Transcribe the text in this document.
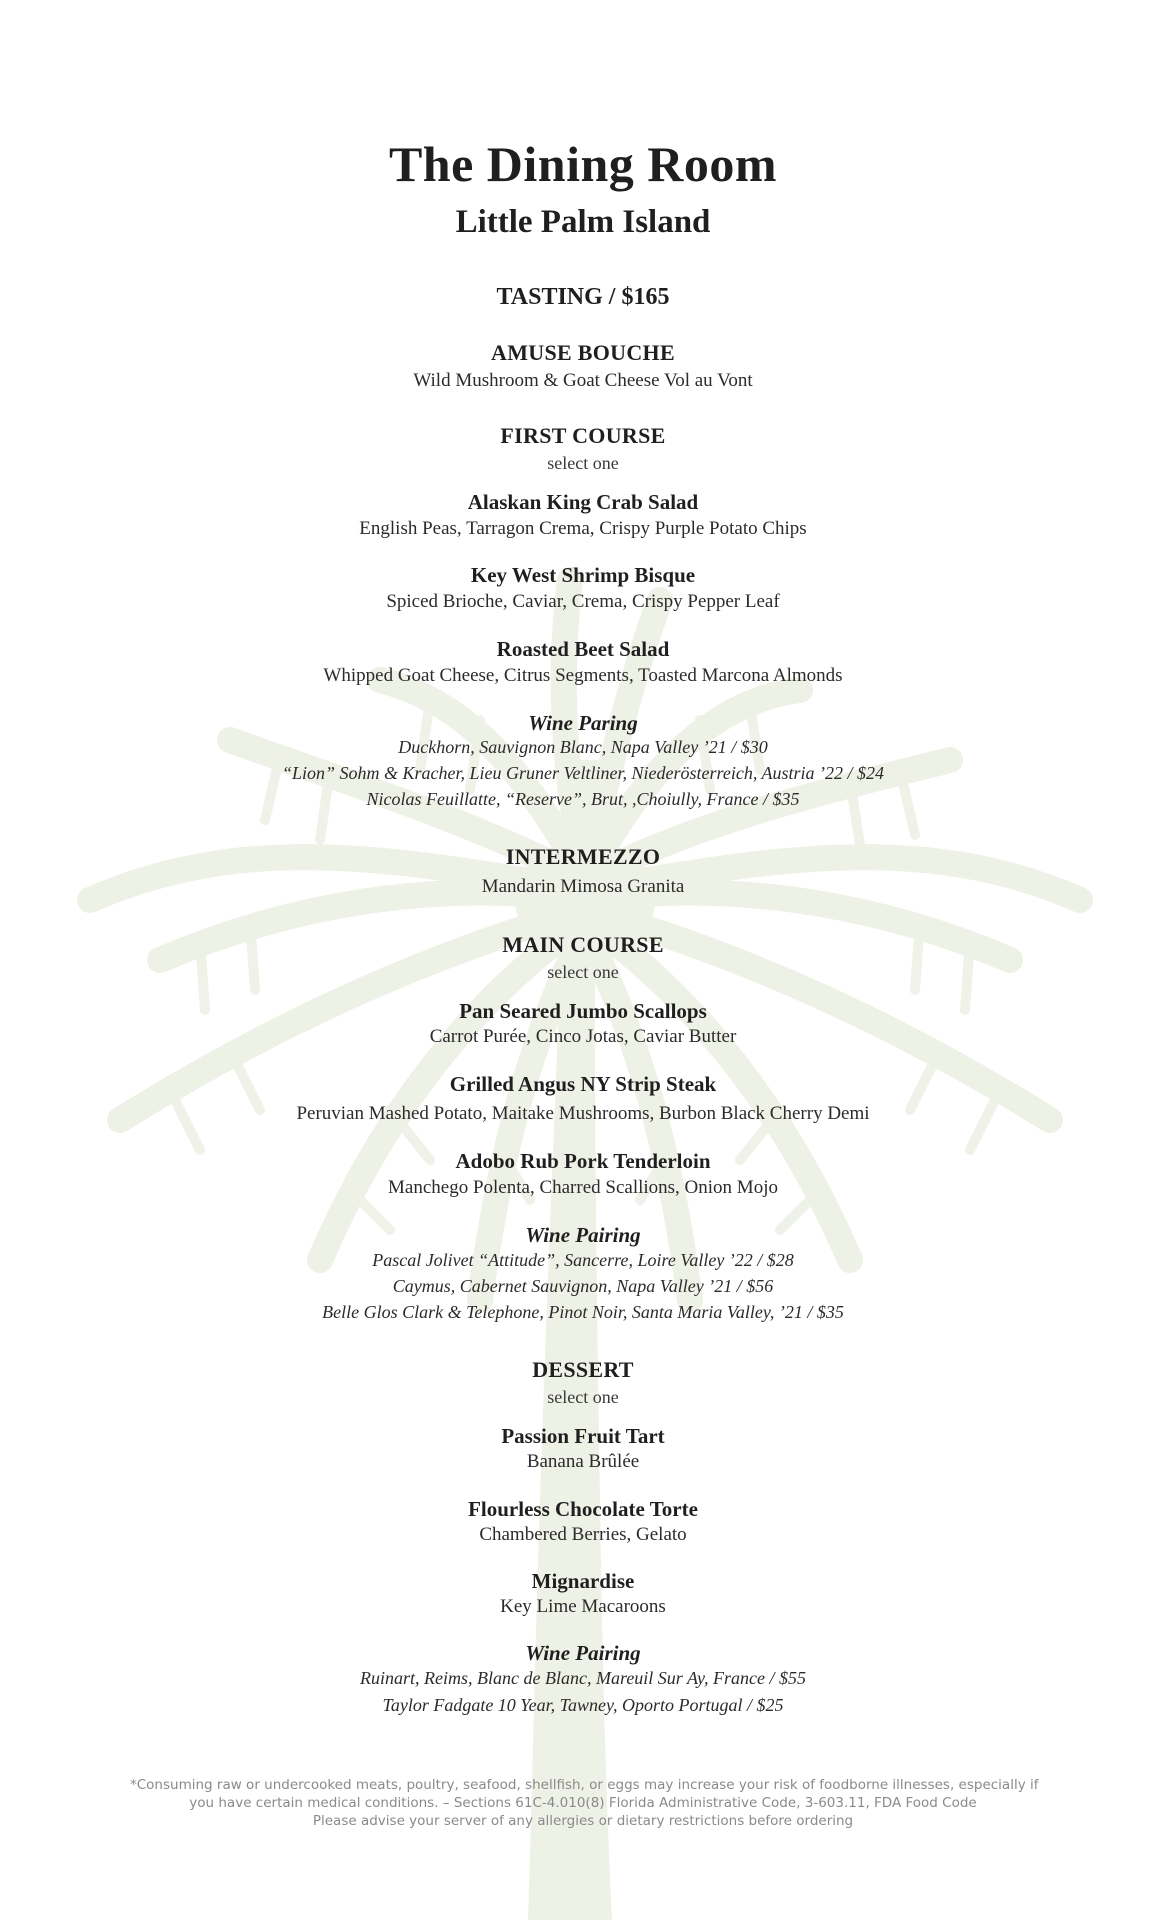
The Dining Room
Little Palm Island
TASTING / $165
AMUSE BOUCHE
Wild Mushroom & Goat Cheese Vol au Vont
FIRST COURSE
select one
Alaskan King Crab Salad
English Peas, Tarragon Crema, Crispy Purple Potato Chips
Key West Shrimp Bisque
Spiced Brioche, Caviar, Crema, Crispy Pepper Leaf
Roasted Beet Salad
Whipped Goat Cheese, Citrus Segments, Toasted Marcona Almonds
Wine Paring
Duckhorn, Sauvignon Blanc, Napa Valley ’21 / $30
“Lion” Sohm & Kracher, Lieu Gruner Veltliner, Niederösterreich, Austria ’22 / $24
Nicolas Feuillatte, “Reserve”, Brut, ,Choiully, France / $35
INTERMEZZO
Mandarin Mimosa Granita
MAIN COURSE
select one
Pan Seared Jumbo Scallops
Carrot Purée, Cinco Jotas, Caviar Butter
Grilled Angus NY Strip Steak
Peruvian Mashed Potato, Maitake Mushrooms, Burbon Black Cherry Demi
Adobo Rub Pork Tenderloin
Manchego Polenta, Charred Scallions, Onion Mojo
Wine Pairing
Pascal Jolivet “Attitude”, Sancerre, Loire Valley ’22 / $28
Caymus, Cabernet Sauvignon, Napa Valley ’21 / $56
Belle Glos Clark & Telephone, Pinot Noir, Santa Maria Valley, ’21 / $35
DESSERT
select one
Passion Fruit Tart
Banana Brûlée
Flourless Chocolate Torte
Chambered Berries, Gelato
Mignardise
Key Lime Macaroons
Wine Pairing
Ruinart, Reims, Blanc de Blanc, Mareuil Sur Ay, France / $55
Taylor Fadgate 10 Year, Tawney, Oporto Portugal / $25
*Consuming raw or undercooked meats, poultry, seafood, shellfish, or eggs may increase your risk of foodborne illnesses, especially if
you have certain medical conditions. – Sections 61C-4.010(8) Florida Administrative Code, 3-603.11, FDA Food Code
Please advise your server of any allergies or dietary restrictions before ordering
